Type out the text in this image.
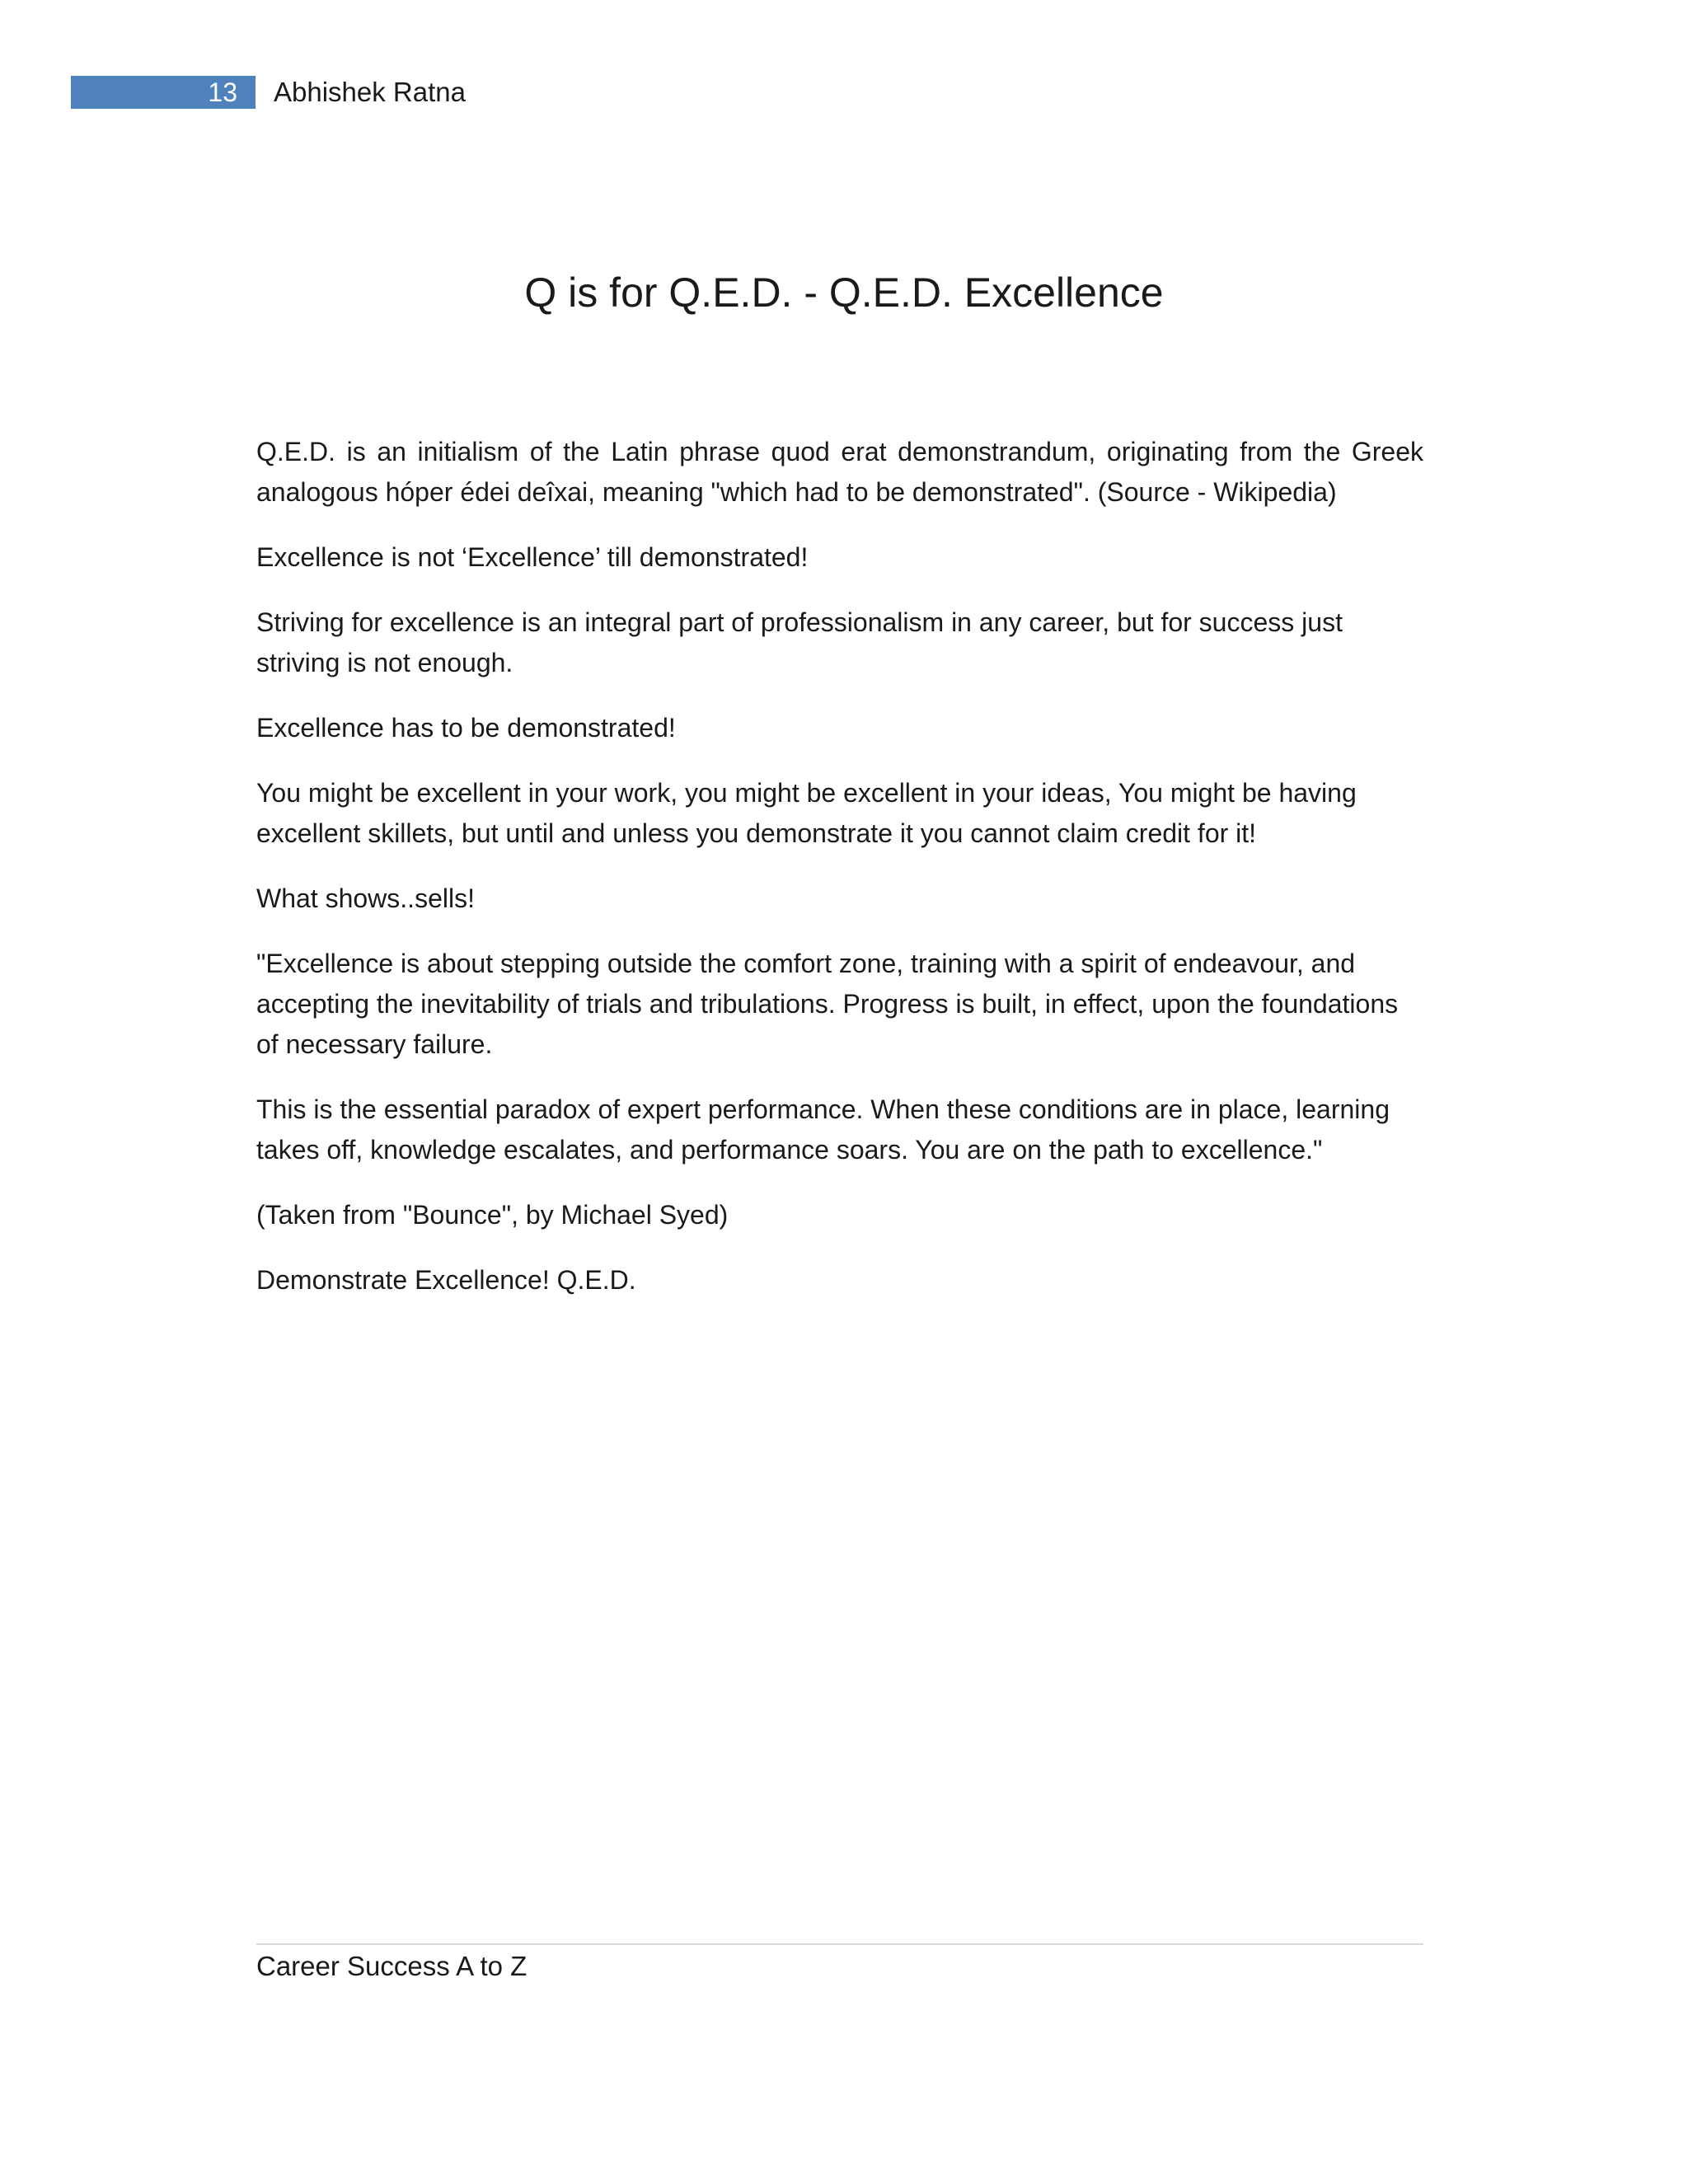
13	Abhishek Ratna
Q is for Q.E.D. - Q.E.D. Excellence

Q.E.D. is an initialism of the Latin phrase quod erat demonstrandum, originating from the Greek analogous hóper édei deîxai, meaning "which had to be demonstrated". (Source - Wikipedia)

Excellence is not ‘Excellence’ till demonstrated!

Striving for excellence is an integral part of professionalism in any career, but for success just striving is not enough.

Excellence has to be demonstrated!

You might be excellent in your work, you might be excellent in your ideas, You might be having excellent skillets, but until and unless you demonstrate it you cannot claim credit for it!

What shows..sells!

"Excellence is about stepping outside the comfort zone, training with a spirit of endeavour, and accepting the inevitability of trials and tribulations. Progress is built, in effect, upon the foundations of necessary failure.

This is the essential paradox of expert performance. When these conditions are in place, learning takes off, knowledge escalates, and performance soars. You are on the path to excellence."

(Taken from "Bounce", by Michael Syed)

Demonstrate Excellence! Q.E.D.

Career Success A to Z
